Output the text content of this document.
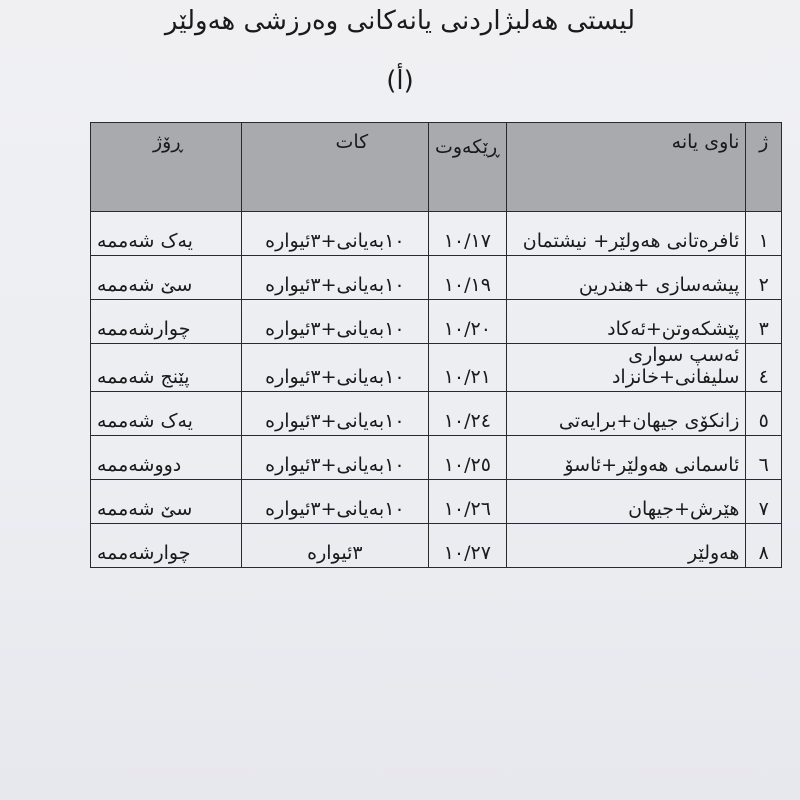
لیستی هەلبژاردنی یانەکانی وەرزشی هەولێر
(أ)
ژ	ناوی یانە	ڕێکەوت	کات	ڕۆژ
١	ئافرەتانی هەولێر+ نیشتمان	١٠/١٧	١٠بەیانی+٣ئیوارە	یەک شەممە
٢	پیشەسازی +هندرین	١٠/١٩	١٠بەیانی+٣ئیوارە	سێ شەممە
٣	پێشکەوتن+ئەکاد	١٠/٢٠	١٠بەیانی+٣ئیوارە	چوارشەممە
٤	ئەسپ سواری سلیفانی+خانزاد	١٠/٢١	١٠بەیانی+٣ئیوارە	پێنج شەممە
٥	زانکۆی جیهان+برایەتی	١٠/٢٤	١٠بەیانی+٣ئیوارە	یەک شەممە
٦	ئاسمانی هەولێر+ئاسۆ	١٠/٢٥	١٠بەیانی+٣ئیوارە	دووشەممە
٧	هێرش+جیهان	١٠/٢٦	١٠بەیانی+٣ئیوارە	سێ شەممە
٨	هەولێر	١٠/٢٧	٣ئیوارە	چوارشەممە
